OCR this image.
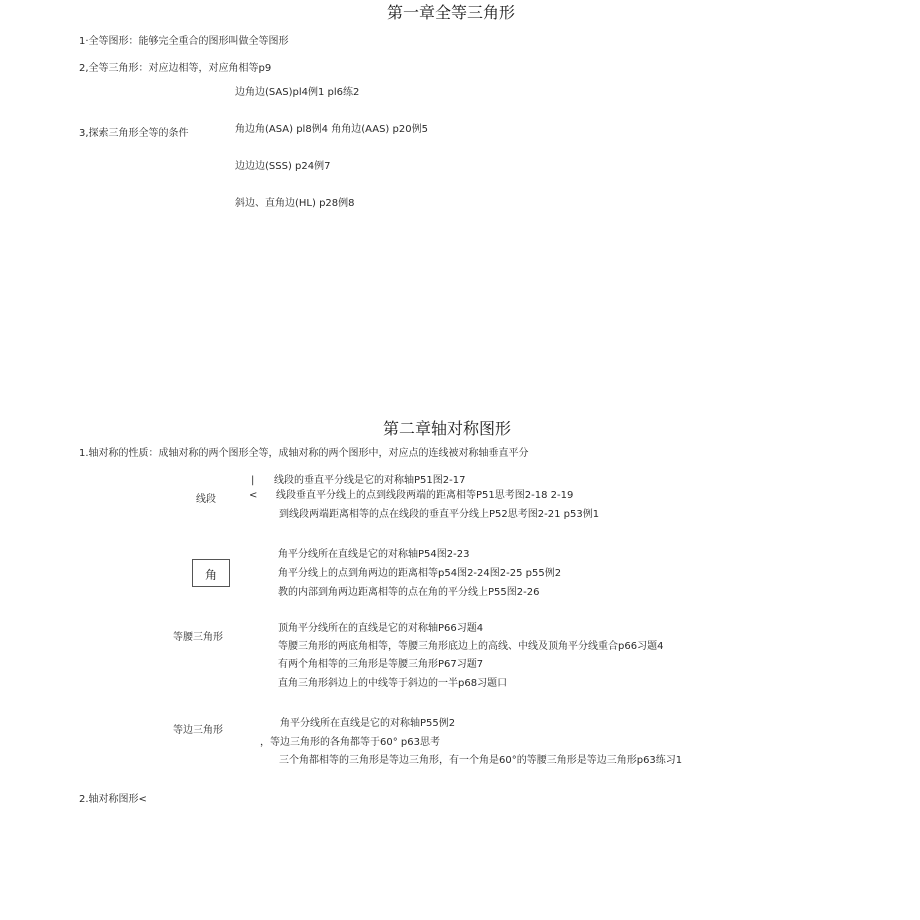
第一章全等三角形
1·全等图形：能够完全重合的图形叫做全等图形
2,全等三角形：对应边相等，对应角相等p9
边角边(SAS)pl4例1 pl6练2
3,探索三角形全等的条件	角边角(ASA) pl8例4 角角边(AAS) p20例5
边边边(SSS) p24例7
斜边、直角边(HL) p28例8
第二章轴对称图形
1.轴对称的性质：成轴对称的两个图形全等，成轴对称的两个图形中，对应点的连线被对称轴垂直平分
线段
|
<
线段的垂直平分线是它的对称轴P51图2-17
线段垂直平分线上的点到线段两端的距离相等P51思考图2-18 2-19
到线段两端距离相等的点在线段的垂直平分线上P52思考图2-21 p53例1
角
角平分线所在直线是它的对称轴P54图2-23
角平分线上的点到角两边的距离相等p54图2-24图2-25 p55例2
教的内部到角两边距离相等的点在角的平分线上P55图2-26
等腰三角形
顶角平分线所在的直线是它的对称轴P66习题4
等腰三角形的两底角相等，等腰三角形底边上的高线、中线及顶角平分线重合p66习题4
有两个角相等的三角形是等腰三角形P67习题7
直角三角形斜边上的中线等于斜边的一半p68习题口
等边三角形
角平分线所在直线是它的对称轴P55例2
，等边三角形的各角都等于60° p63思考
三个角都相等的三角形是等边三角形，有一个角是60°的等腰三角形是等边三角形p63练习1
2.轴对称图形<
